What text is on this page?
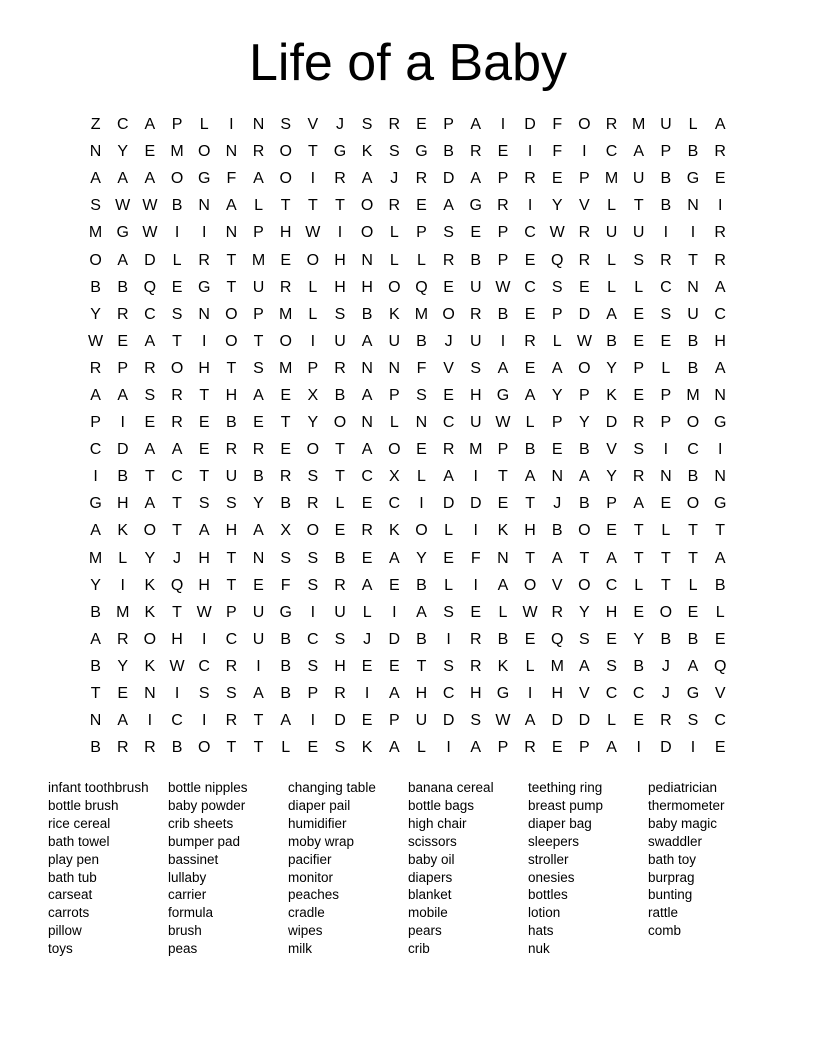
Life of a Baby
Z	C	A	P	L	I	N	S	V	J	S	R	E	P	A	I	D	F	O R M U	L	A
N	Y	E M O N R O	T	G K	S G B	R	E	I	F	I	C	A	P	B	R
A	A	A O G	F	A O	I	R	A	J	R D	A	P	R	E	P M U	B G E
S W W B	N	A	L	T	T	T	O R	E	A G R	I	Y	V	L	T	B	N	I
M G W	I	I	N	P	H W	I	O	L	P	S	E	P	C W R U U	I	I	R
O A	D	L	R	T M E O H N	L	L	R	B	P	E Q R	L	S	R	T	R
B	B Q E G	T	U R	L	H H O Q E	U W C	S	E	L	L	C N	A
Y	R C	S	N O P M	L	S	B	K M O R	B	E	P	D	A	E	S	U C
W E	A	T	I	O	T	O	I	U	A	U	B	J	U	I	R	L W B	E	E	B	H
R	P	R O H	T	S M P	R N N	F	V	S	A	E	A O Y	P	L	B	A
A	A	S	R	T	H	A	E	X	B	A	P	S	E	H G A	Y	P	K	E	P M N
P	I	E	R	E	B	E	T	Y O N	L	N C U W L	P	Y	D R	P O G
C D	A	A	E	R R	E O	T	A O E	R M P	B	E	B	V	S	I	C	I
I	B	T	C	T	U	B	R	S	T	C	X	L	A	I	T	A	N	A	Y	R N	B	N
G H	A	T	S	S	Y	B	R	L	E	C	I	D D	E	T	J	B	P	A	E O G
A	K O	T	A	H	A	X O E	R	K O	L	I	K	H	B O E	T	L	T	T
M	L	Y	J	H	T	N	S	S	B	E	A	Y	E	F	N	T	A	T	A	T	T	T	A
Y	I	K Q H	T	E	F	S	R	A	E	B	L	I	A O V O C	L	T	L	B
B M K	T W P	U G	I	U	L	I	A	S	E	L W R	Y	H	E O E	L
A	R O H	I	C U	B	C	S	J	D	B	I	R	B	E Q S	E	Y	B	B	E
B	Y	K W C R	I	B	S	H	E	E	T	S	R	K	L	M A	S	B	J	A Q
T	E	N	I	S	S	A	B	P	R	I	A	H C H G	I	H	V	C C	J	G V
N	A	I	C	I	R	T	A	I	D	E	P	U D	S W A	D D	L	E	R	S	C
B	R R	B O	T	T	L	E	S	K	A	L	I	A	P	R	E	P	A	I	D	I	E
infant toothbrush
bottle brush
rice cereal
bath towel
play pen
bath tub
carseat
carrots
pillow
toys
bottle nipples
baby powder
crib sheets
bumper pad
bassinet
lullaby
carrier
formula
brush
peas
changing table
diaper pail
humidifier
moby wrap
pacifier
monitor
peaches
cradle
wipes
milk
banana cereal
bottle bags
high chair
scissors
baby oil
diapers
blanket
mobile
pears
crib
teething ring
breast pump
diaper bag
sleepers
stroller
onesies
bottles
lotion
hats
nuk
pediatrician
thermometer
baby magic
swaddler
bath toy
burprag
bunting
rattle
comb
